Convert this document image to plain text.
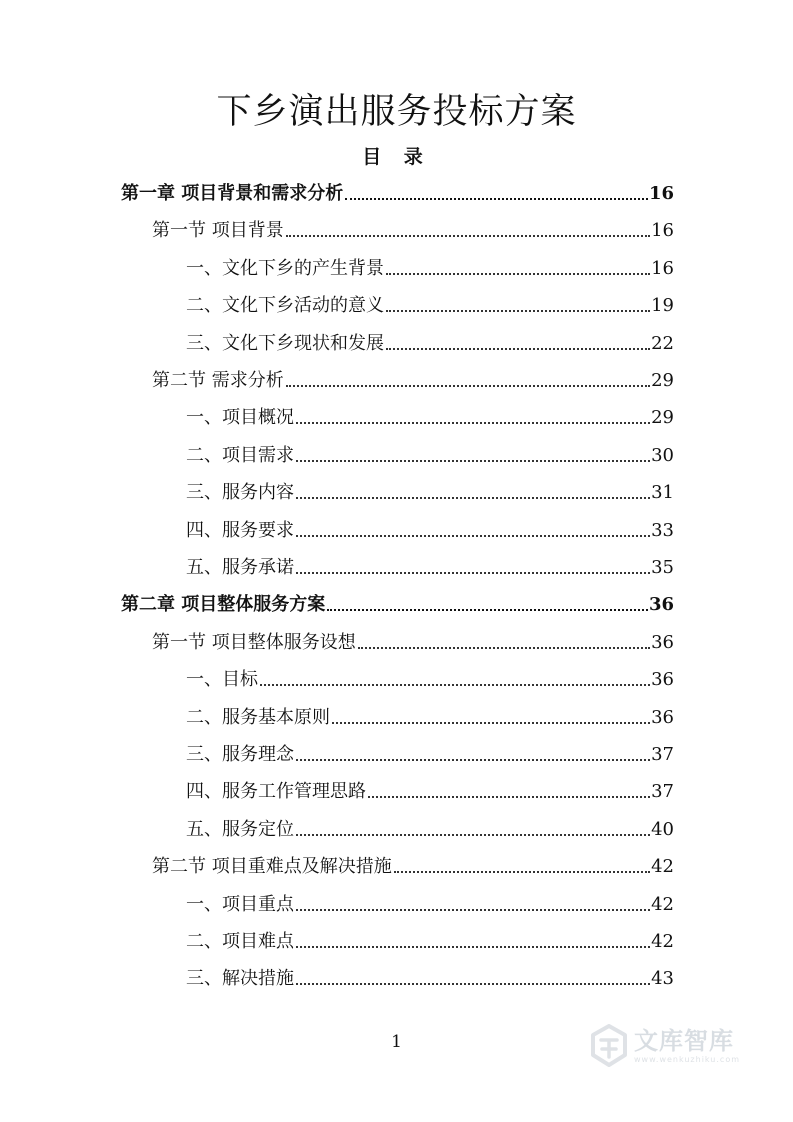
下乡演出服务投标方案
目 录
第一章 项目背景和需求分析	16
第一节 项目背景	16
一、文化下乡的产生背景	16
二、文化下乡活动的意义	19
三、文化下乡现状和发展	22
第二节 需求分析	29
一、项目概况	29
二、项目需求	30
三、服务内容	31
四、服务要求	33
五、服务承诺	35
第二章 项目整体服务方案	36
第一节 项目整体服务设想	36
一、目标	36
二、服务基本原则	36
三、服务理念	37
四、服务工作管理思路	37
五、服务定位	40
第二节 项目重难点及解决措施	42
一、项目重点	42
二、项目难点	42
三、解决措施	43
1	文库智库
www.wenkuzhiku.com
